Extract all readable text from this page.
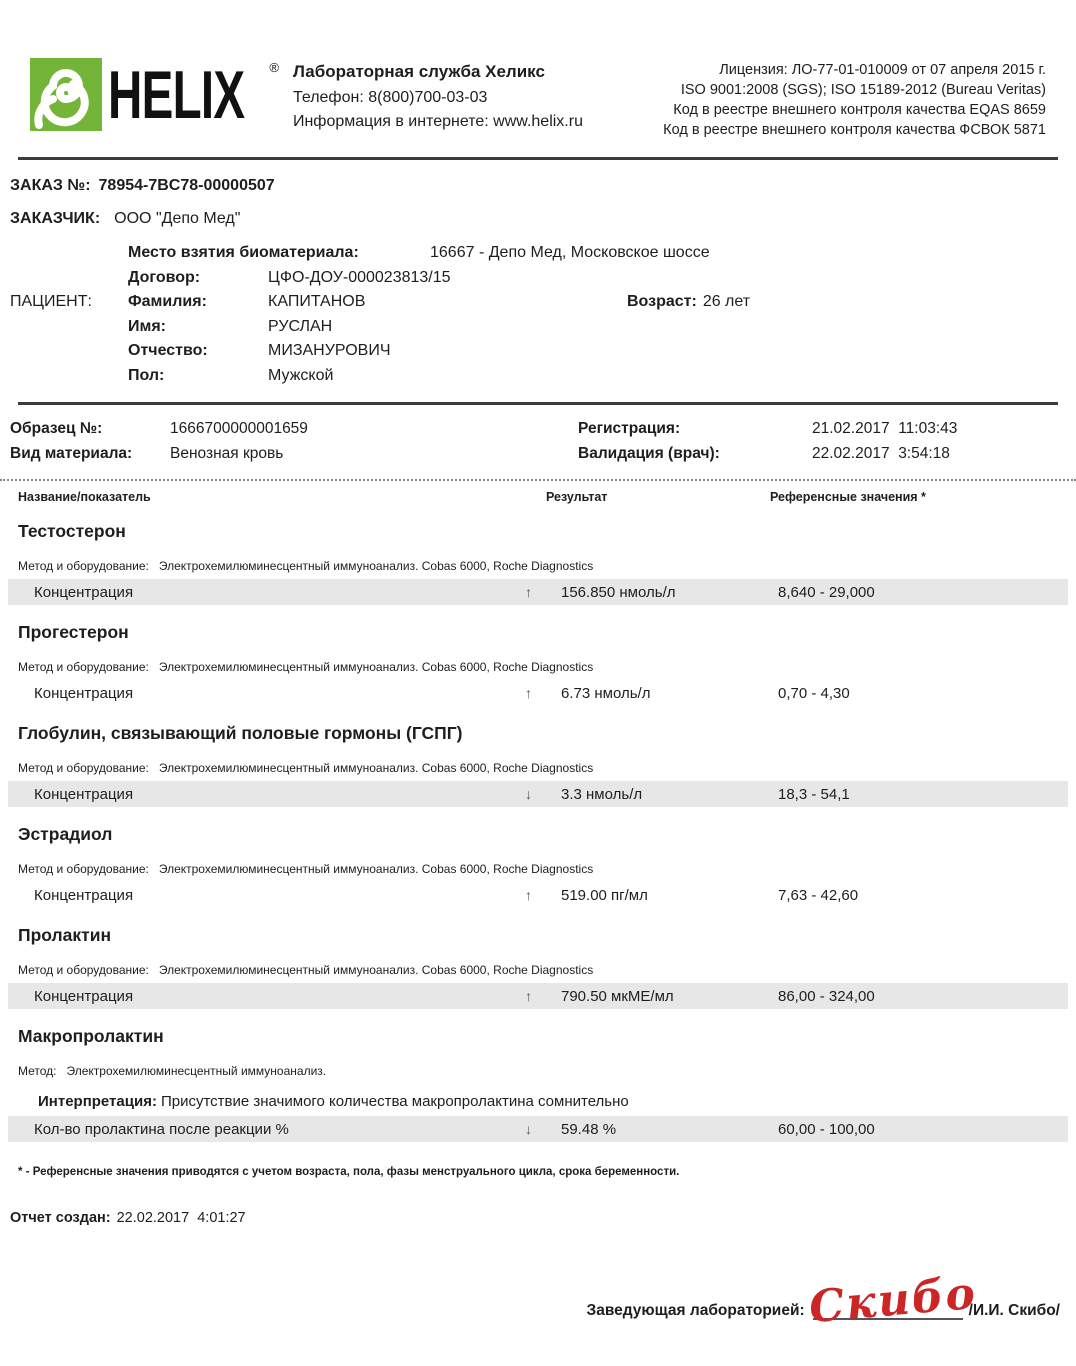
HELIX ® Лабораторная служба Хеликс
Телефон: 8(800)700-03-03
Информация в интернете: www.helix.ru
Лицензия: ЛО-77-01-010009 от 07 апреля 2015 г.
ISO 9001:2008 (SGS); ISO 15189-2012 (Bureau Veritas)
Код в реестре внешнего контроля качества EQAS 8659
Код в реестре внешнего контроля качества ФСВОК 5871
ЗАКАЗ №: 78954-7BC78-00000507
ЗАКАЗЧИК: ООО "Депо Мед"
Место взятия биоматериала:	16667 - Депо Мед, Московское шоссе
Договор:	ЦФО-ДОУ-000023813/15
ПАЦИЕНТ:	Фамилия:	КАПИТАНОВ	Возраст: 26 лет
Имя:	РУСЛАН
Отчество:	МИЗАНУРОВИЧ
Пол:	Мужской
Образец №:	1666700000001659	Регистрация:	21.02.2017  11:03:43
Вид материала:	Венозная кровь	Валидация (врач):	22.02.2017  3:54:18
Название/показатель	Результат	Референсные значения *
Тестостерон
Метод и оборудование: Электрохемилюминесцентный иммуноанализ. Cobas 6000, Roche Diagnostics
Концентрация	↑	156.850 нмоль/л	8,640 - 29,000
Прогестерон
Метод и оборудование: Электрохемилюминесцентный иммуноанализ. Cobas 6000, Roche Diagnostics
Концентрация	↑	6.73 нмоль/л	0,70 - 4,30
Глобулин, связывающий половые гормоны (ГСПГ)
Метод и оборудование: Электрохемилюминесцентный иммуноанализ. Cobas 6000, Roche Diagnostics
Концентрация	↓	3.3 нмоль/л	18,3 - 54,1
Эстрадиол
Метод и оборудование: Электрохемилюминесцентный иммуноанализ. Cobas 6000, Roche Diagnostics
Концентрация	↑	519.00 пг/мл	7,63 - 42,60
Пролактин
Метод и оборудование: Электрохемилюминесцентный иммуноанализ. Cobas 6000, Roche Diagnostics
Концентрация	↑	790.50 мкМЕ/мл	86,00 - 324,00
Макропролактин
Метод: Электрохемилюминесцентный иммуноанализ.
Интерпретация: Присутствие значимого количества макропролактина сомнительно
Кол-во пролактина после реакции %	↓	59.48 %	60,00 - 100,00
* - Референсные значения приводятся с учетом возраста, пола, фазы менструального цикла, срока беременности.
Отчет создан: 22.02.2017  4:01:27
Заведующая лабораторией: Скибо
/И.И. Скибо/
